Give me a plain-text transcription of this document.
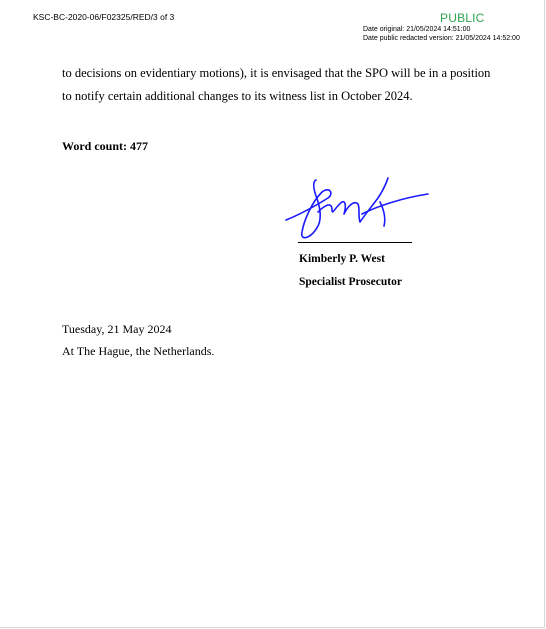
KSC-BC-2020-06/F02325/RED/3 of 3	PUBLIC
Date original: 21/05/2024 14:51:00
Date public redacted version: 21/05/2024 14:52:00
to decisions on evidentiary motions), it is envisaged that the SPO will be in a position
to notify certain additional changes to its witness list in October 2024.
Word count: 477
Kimberly P. West
Specialist Prosecutor
Tuesday, 21 May 2024
At The Hague, the Netherlands.
